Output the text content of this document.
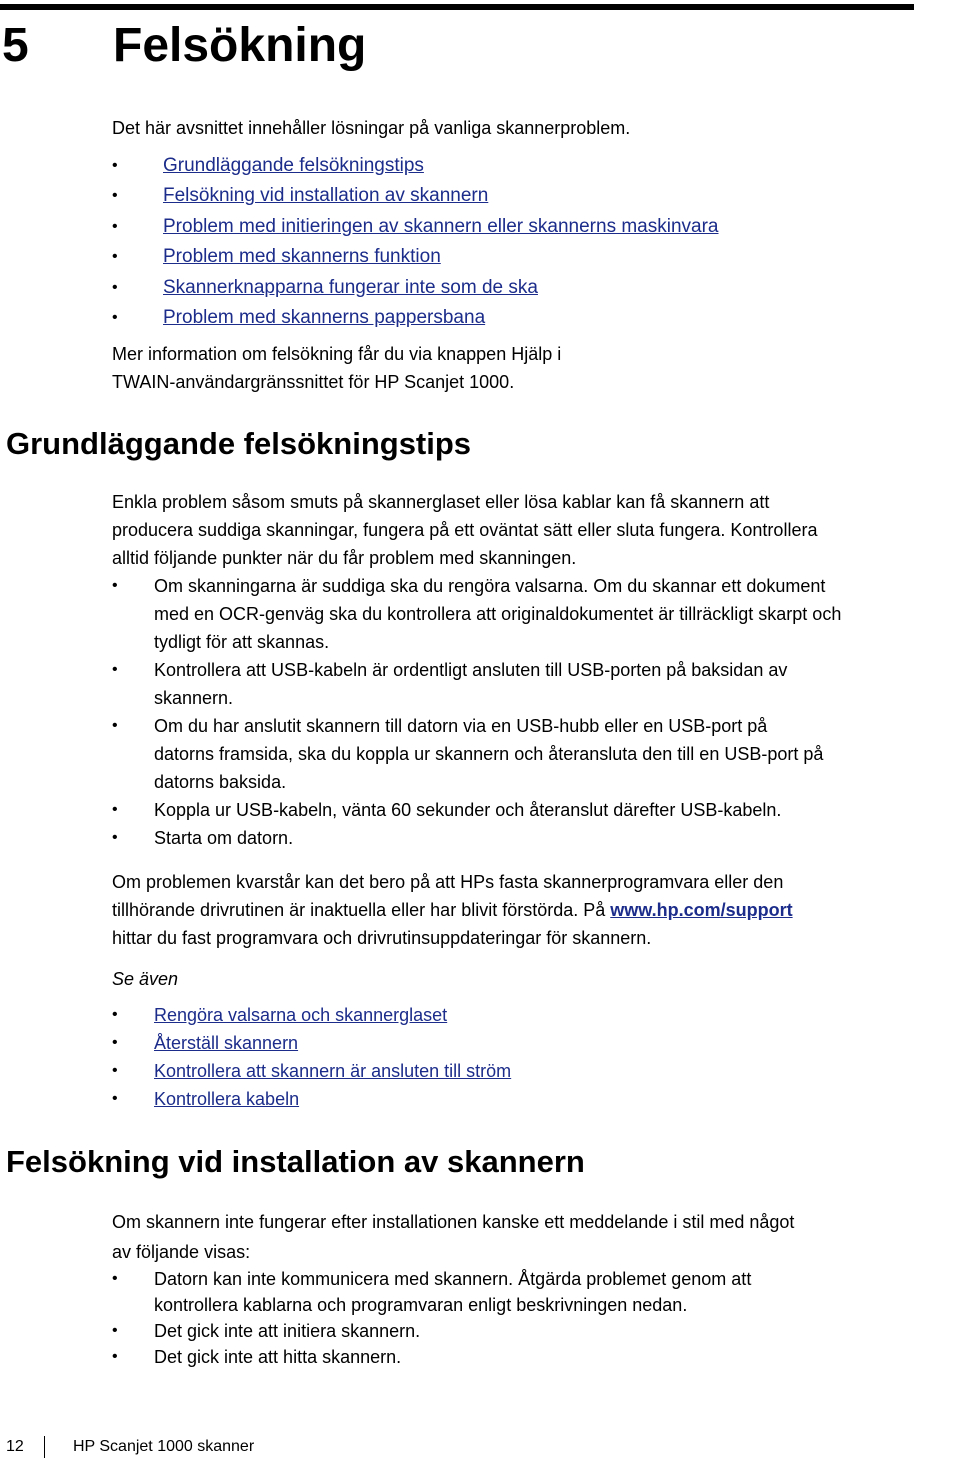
5 Felsökning

Det här avsnittet innehåller lösningar på vanliga skannerproblem.

• Grundläggande felsökningstips
• Felsökning vid installation av skannern
• Problem med initieringen av skannern eller skannerns maskinvara
• Problem med skannerns funktion
• Skannerknapparna fungerar inte som de ska
• Problem med skannerns pappersbana

Mer information om felsökning får du via knappen Hjälp i

TWAIN-användargränssnittet för HP Scanjet 1000.

Grundläggande felsökningstips

Enkla problem såsom smuts på skannerglaset eller lösa kablar kan få skannern att

producera suddiga skanningar, fungera på ett oväntat sätt eller sluta fungera. Kontrollera

alltid följande punkter när du får problem med skanningen.

• Om skanningarna är suddiga ska du rengöra valsarna. Om du skannar ett dokument
med en OCR-genväg ska du kontrollera att originaldokumentet är tillräckligt skarpt och
tydligt för att skannas.
• Kontrollera att USB-kabeln är ordentligt ansluten till USB-porten på baksidan av
skannern.
• Om du har anslutit skannern till datorn via en USB-hubb eller en USB-port på
datorns framsida, ska du koppla ur skannern och återansluta den till en USB-port på
datorns baksida.
• Koppla ur USB-kabeln, vänta 60 sekunder och återanslut därefter USB-kabeln.
• Starta om datorn.

Om problemen kvarstår kan det bero på att HPs fasta skannerprogramvara eller den

tillhörande drivrutinen är inaktuella eller har blivit förstörda. På www.hp.com/support

hittar du fast programvara och drivrutinsuppdateringar för skannern.

Se även

• Rengöra valsarna och skannerglaset
• Återställ skannern
• Kontrollera att skannern är ansluten till ström
• Kontrollera kabeln
Felsökning vid installation av skannern

Om skannern inte fungerar efter installationen kanske ett meddelande i stil med något

av följande visas:

• Datorn kan inte kommunicera med skannern. Åtgärda problemet genom att
kontrollera kablarna och programvaran enligt beskrivningen nedan.
• Det gick inte att initiera skannern.
• Det gick inte att hitta skannern.
12	HP Scanjet 1000 skanner
